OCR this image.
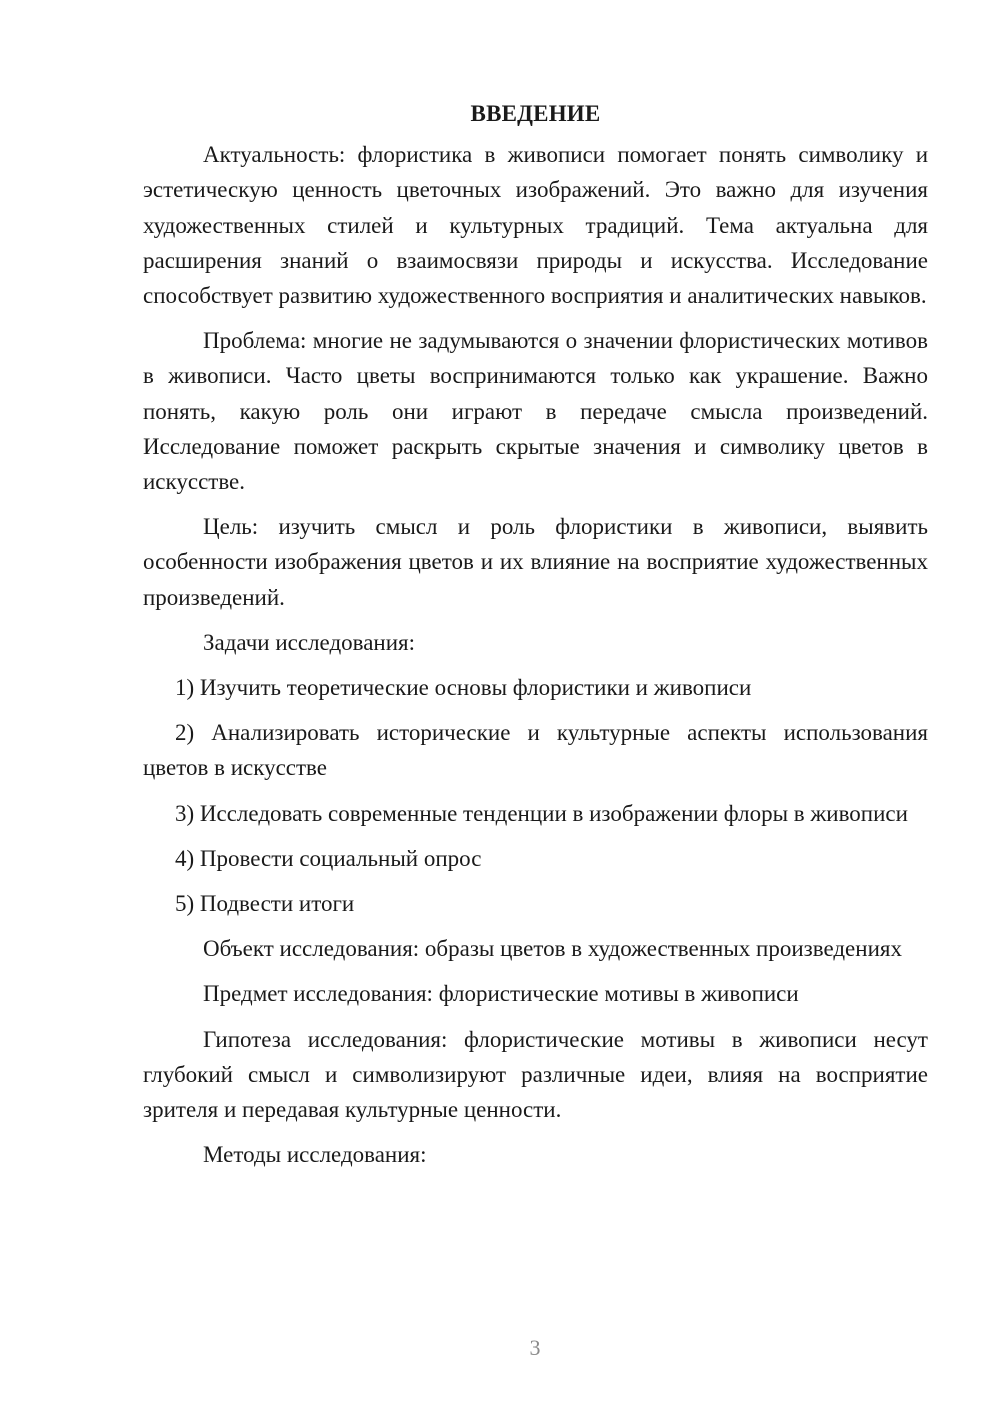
ВВЕДЕНИЕ

Актуальность: флористика в живописи помогает понять символику и эстетическую ценность цветочных изображений. Это важно для изучения художественных стилей и культурных традиций. Тема актуальна для расширения знаний о взаимосвязи природы и искусства. Исследование способствует развитию художественного восприятия и аналитических навыков.

Проблема: многие не задумываются о значении флористических мотивов в живописи. Часто цветы воспринимаются только как украшение. Важно понять, какую роль они играют в передаче смысла произведений. Исследование поможет раскрыть скрытые значения и символику цветов в искусстве.

Цель: изучить смысл и роль флористики в живописи, выявить особенности изображения цветов и их влияние на восприятие художественных произведений.

Задачи исследования:

1) Изучить теоретические основы флористики и живописи

2) Анализировать исторические и культурные аспекты использования цветов в искусстве

3) Исследовать современные тенденции в изображении флоры в живописи

4) Провести социальный опрос

5) Подвести итоги

Объект исследования: образы цветов в художественных произведениях

Предмет исследования: флористические мотивы в живописи

Гипотеза исследования: флористические мотивы в живописи несут глубокий смысл и символизируют различные идеи, влияя на восприятие зрителя и передавая культурные ценности.

Методы исследования:

3
